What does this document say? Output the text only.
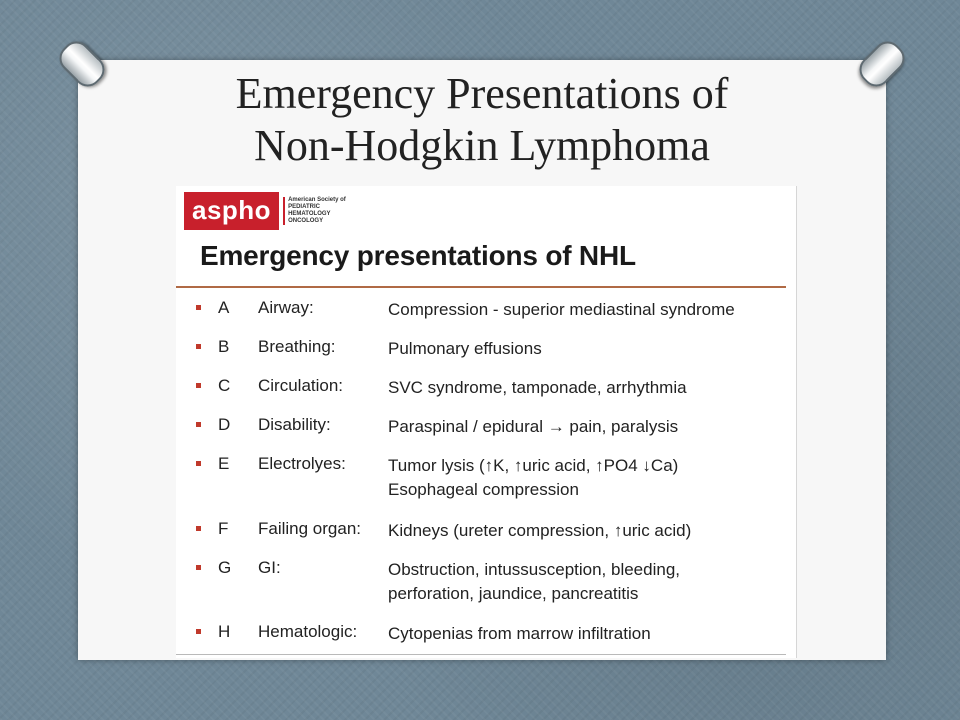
Emergency Presentations of
Non-Hodgkin Lymphoma
aspho	American Society of
PEDIATRIC
HEMATOLOGY
ONCOLOGY
Emergency presentations of NHL
A Airway:	Compression - superior mediastinal syndrome
B Breathing:	Pulmonary effusions
C Circulation:	SVC syndrome, tamponade, arrhythmia
D Disability:	Paraspinal / epidural → pain, paralysis
E Electrolyes: Tumor lysis (↑K, ↑uric acid, ↑PO4 ↓Ca)
Esophageal compression
F Failing organ: Kidneys (ureter compression, ↑uric acid)
G GI:	Obstruction, intussusception, bleeding,
perforation, jaundice, pancreatitis
H Hematologic: Cytopenias from marrow infiltration
